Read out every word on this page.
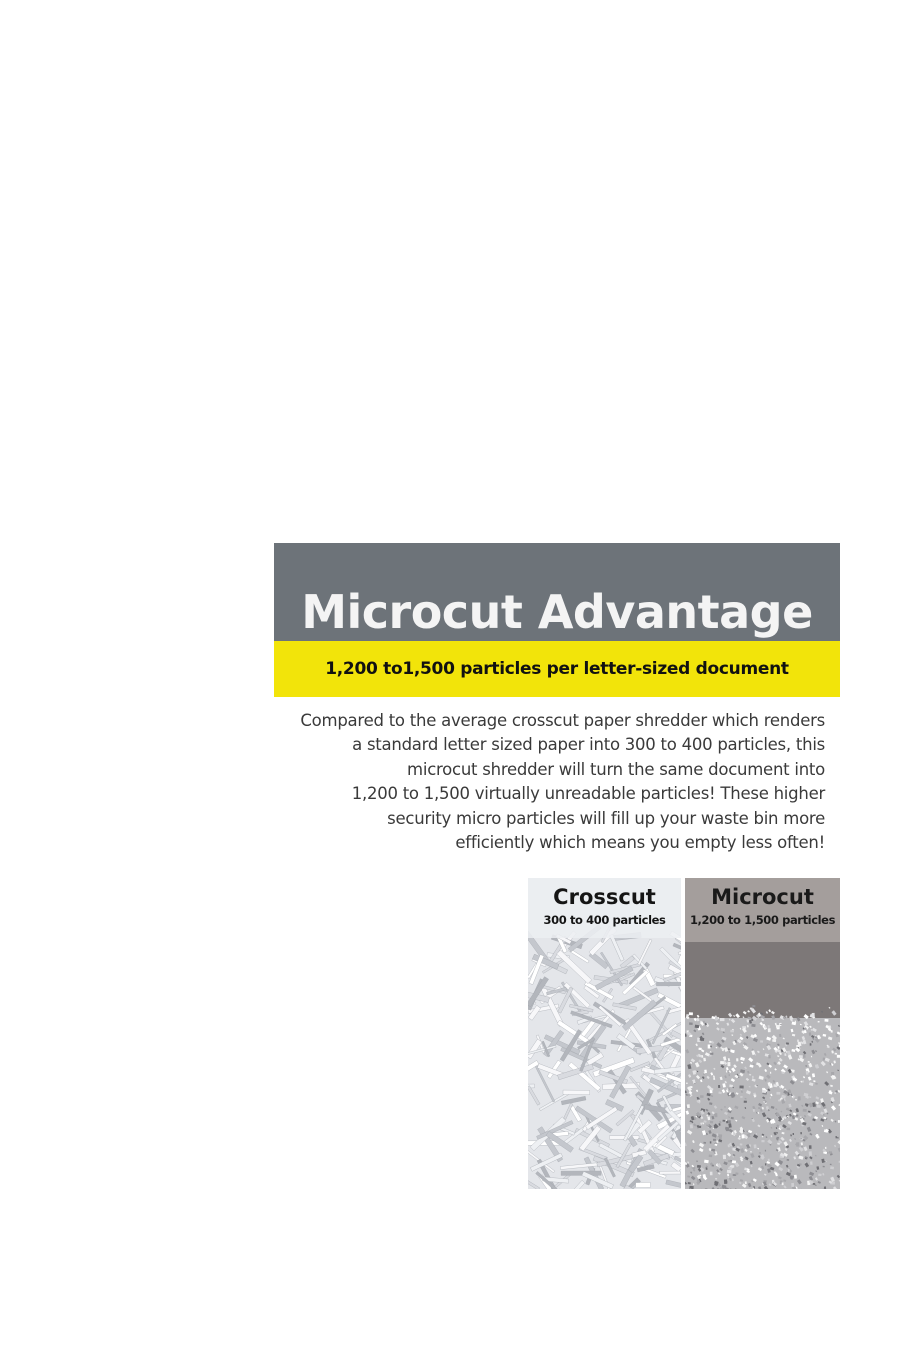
Microcut Advantage
1,200 to1,500 particles per letter-sized document
Compared to the average crosscut paper shredder which renders
a standard letter sized paper into 300 to 400 particles, this
microcut shredder will turn the same document into
1,200 to 1,500 virtually unreadable particles! These higher
security micro particles will fill up your waste bin more
efficiently which means you empty less often!
Crosscut
300 to 400 particles
Microcut
1,200 to 1,500 particles
